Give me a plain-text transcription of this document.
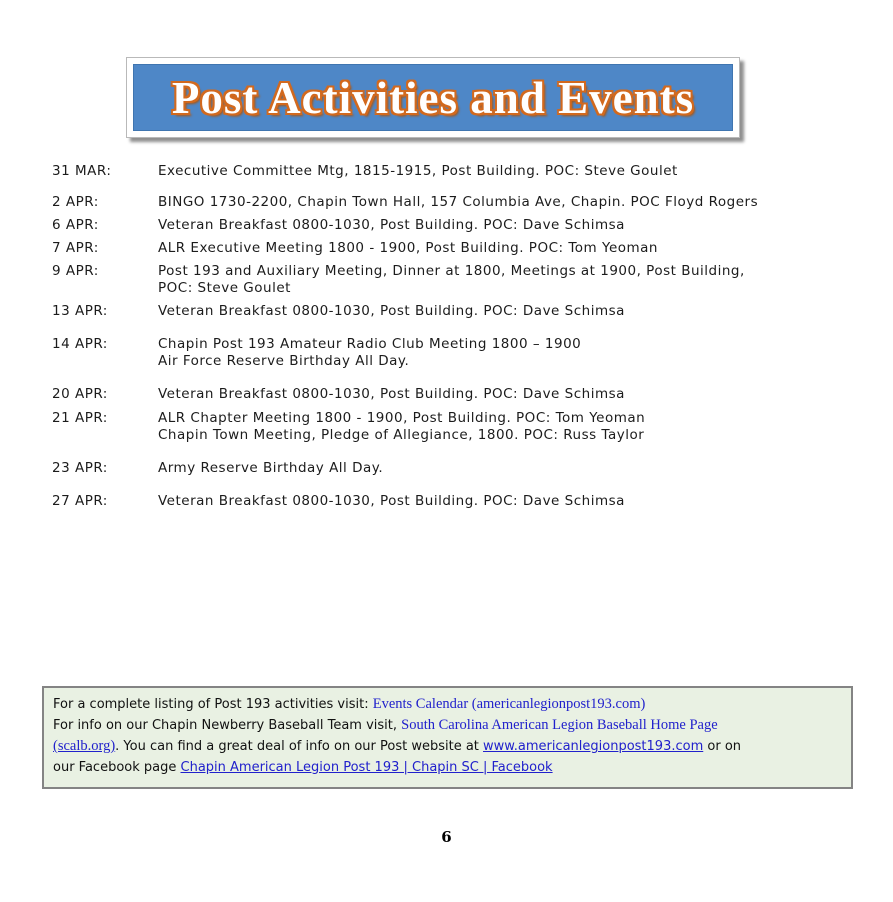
Post Activities and Events
31 MAR:	Executive Committee Mtg, 1815-1915, Post Building. POC: Steve Goulet
2 APR:	BINGO 1730-2200, Chapin Town Hall, 157 Columbia Ave, Chapin. POC Floyd Rogers
6 APR:	Veteran Breakfast 0800-1030, Post Building. POC: Dave Schimsa
7 APR:	ALR Executive Meeting 1800 - 1900, Post Building. POC: Tom Yeoman
9 APR:	Post 193 and Auxiliary Meeting, Dinner at 1800, Meetings at 1900, Post Building,
POC: Steve Goulet
13 APR:	Veteran Breakfast 0800-1030, Post Building. POC: Dave Schimsa
14 APR:	Chapin Post 193 Amateur Radio Club Meeting 1800 – 1900
Air Force Reserve Birthday All Day.
20 APR:	Veteran Breakfast 0800-1030, Post Building. POC: Dave Schimsa
21 APR:	ALR Chapter Meeting 1800 - 1900, Post Building. POC: Tom Yeoman
Chapin Town Meeting, Pledge of Allegiance, 1800. POC: Russ Taylor
23 APR:	Army Reserve Birthday All Day.
27 APR:	Veteran Breakfast 0800-1030, Post Building. POC: Dave Schimsa
For a complete listing of Post 193 activities visit: Events Calendar (americanlegionpost193.com)
For info on our Chapin Newberry Baseball Team visit, South Carolina American Legion Baseball Home Page
(scalb.org). You can find a great deal of info on our Post website at www.americanlegionpost193.com or on
our Facebook page Chapin American Legion Post 193 | Chapin SC | Facebook
6
